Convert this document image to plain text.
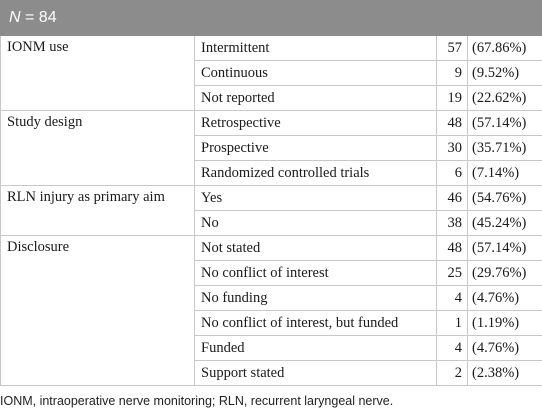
N = 84			
IONM use	Intermittent	57	(67.86%)
	Continuous	9	(9.52%)
	Not reported	19	(22.62%)
Study design	Retrospective	48	(57.14%)
	Prospective	30	(35.71%)
	Randomized controlled trials	6	(7.14%)
RLN injury as primary aim	Yes	46	(54.76%)
	No	38	(45.24%)
Disclosure	Not stated	48	(57.14%)
	No conflict of interest	25	(29.76%)
	No funding	4	(4.76%)
	No conflict of interest, but funded	1	(1.19%)
	Funded	4	(4.76%)
	Support stated	2	(2.38%)
IONM, intraoperative nerve monitoring; RLN, recurrent laryngeal nerve.
